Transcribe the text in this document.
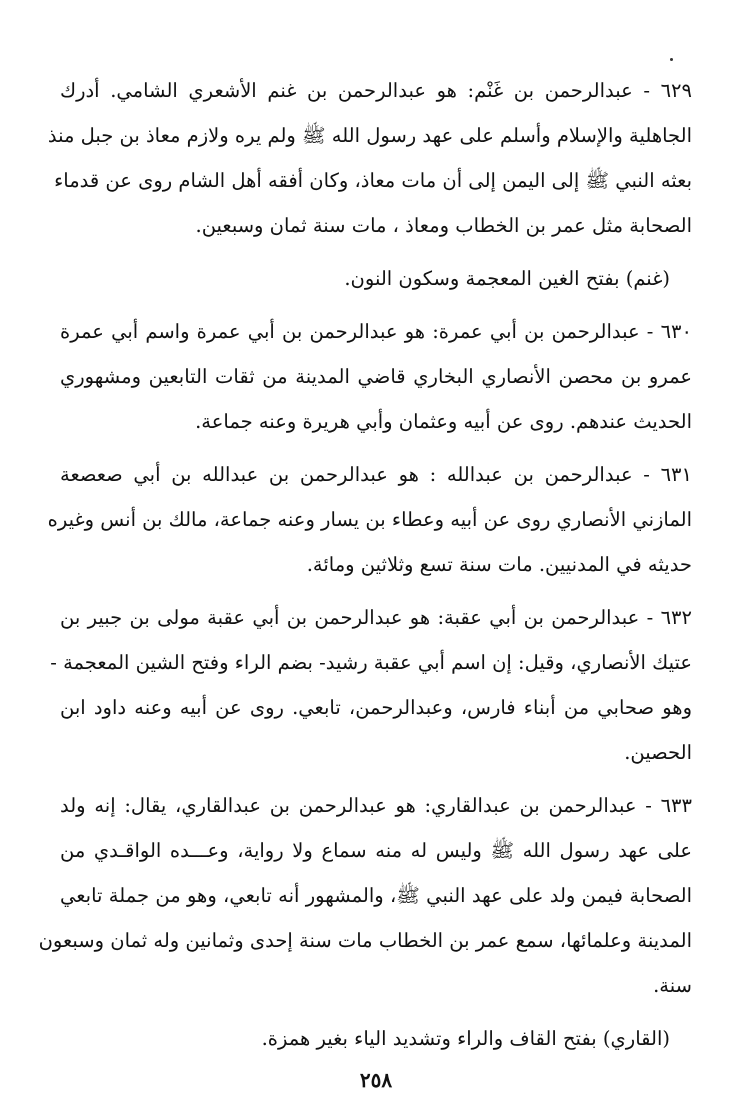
٦٢٩ - عبدالرحمن بن غَنْم: هو عبدالرحمن بن غنم الأشعري الشامي. أدرك
الجاهلية والإسلام وأسلم على عهد رسول الله ﷺ ولم يره ولازم معاذ بن جبل منذ
بعثه النبي ﷺ إلى اليمن إلى أن مات معاذ، وكان أفقه أهل الشام روى عن قدماء
الصحابة مثل عمر بن الخطاب ومعاذ ، مات سنة ثمان وسبعين.
(غنم) بفتح الغين المعجمة وسكون النون.
٦٣٠ - عبدالرحمن بن أبي عمرة: هو عبدالرحمن بن أبي عمرة واسم أبي عمرة
عمرو بن محصن الأنصاري البخاري قاضي المدينة من ثقات التابعين ومشهوري
الحديث عندهم. روى عن أبيه وعثمان وأبي هريرة وعنه جماعة.
٦٣١ - عبدالرحمن بن عبدالله : هو عبدالرحمن بن عبدالله بن أبي صعصعة
المازني الأنصاري روى عن أبيه وعطاء بن يسار وعنه جماعة، مالك بن أنس وغيره
حديثه في المدنيين. مات سنة تسع وثلاثين ومائة.
٦٣٢ - عبدالرحمن بن أبي عقبة: هو عبدالرحمن بن أبي عقبة مولى بن جبير بن
عتيك الأنصاري، وقيل: إن اسم أبي عقبة رشيد- بضم الراء وفتح الشين المعجمة -
وهو صحابي من أبناء فارس، وعبدالرحمن، تابعي. روى عن أبيه وعنه داود ابن
الحصين.
٦٣٣ - عبدالرحمن بن عبدالقاري: هو عبدالرحمن بن عبدالقاري، يقال: إنه ولد
على عهد رسول الله ﷺ وليس له منه سماع ولا رواية، وعـــده الواقـدي من
الصحابة فيمن ولد على عهد النبي ﷺ، والمشهور أنه تابعي، وهو من جملة تابعي
المدينة وعلمائها، سمع عمر بن الخطاب مات سنة إحدى وثمانين وله ثمان وسبعون
سنة.
(القاري) بفتح القاف والراء وتشديد الياء بغير همزة.
٢٥٨
